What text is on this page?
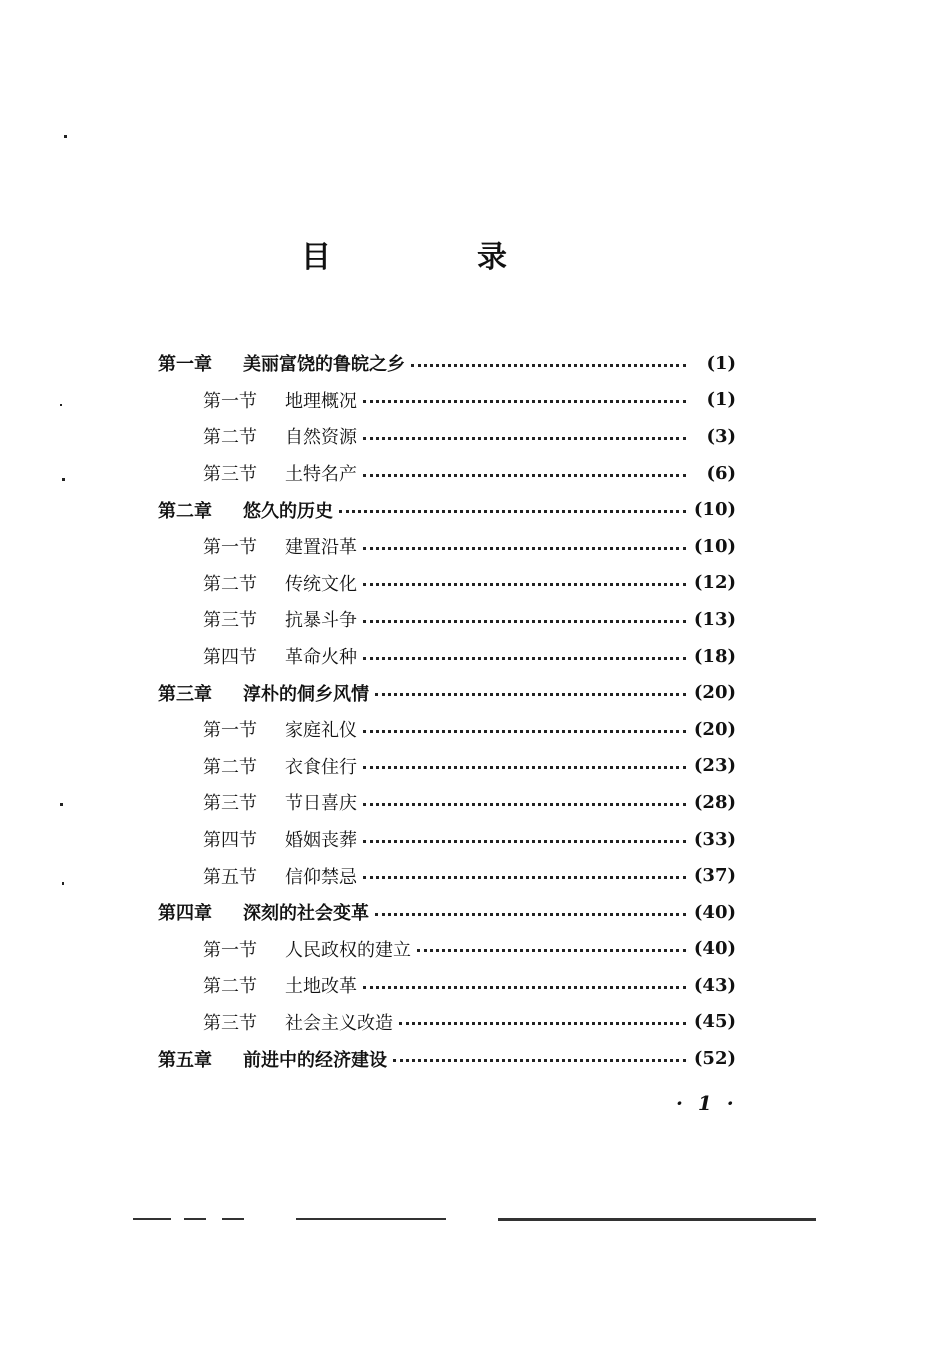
目　录
第一章	美丽富饶的鲁皖之乡	(1)
第一节	地理概况	(1)
第二节	自然资源	(3)
第三节	土特名产	(6)
第二章	悠久的历史	(10)
第一节	建置沿革	(10)
第二节	传统文化	(12)
第三节	抗暴斗争	(13)
第四节	革命火种	(18)
第三章	淳朴的侗乡风情	(20)
第一节	家庭礼仪	(20)
第二节	衣食住行	(23)
第三节	节日喜庆	(28)
第四节	婚姻丧葬	(33)
第五节	信仰禁忌	(37)
第四章	深刻的社会变革	(40)
第一节	人民政权的建立	(40)
第二节	土地改革	(43)
第三节	社会主义改造	(45)
第五章	前进中的经济建设	(52)
· 1 ·
